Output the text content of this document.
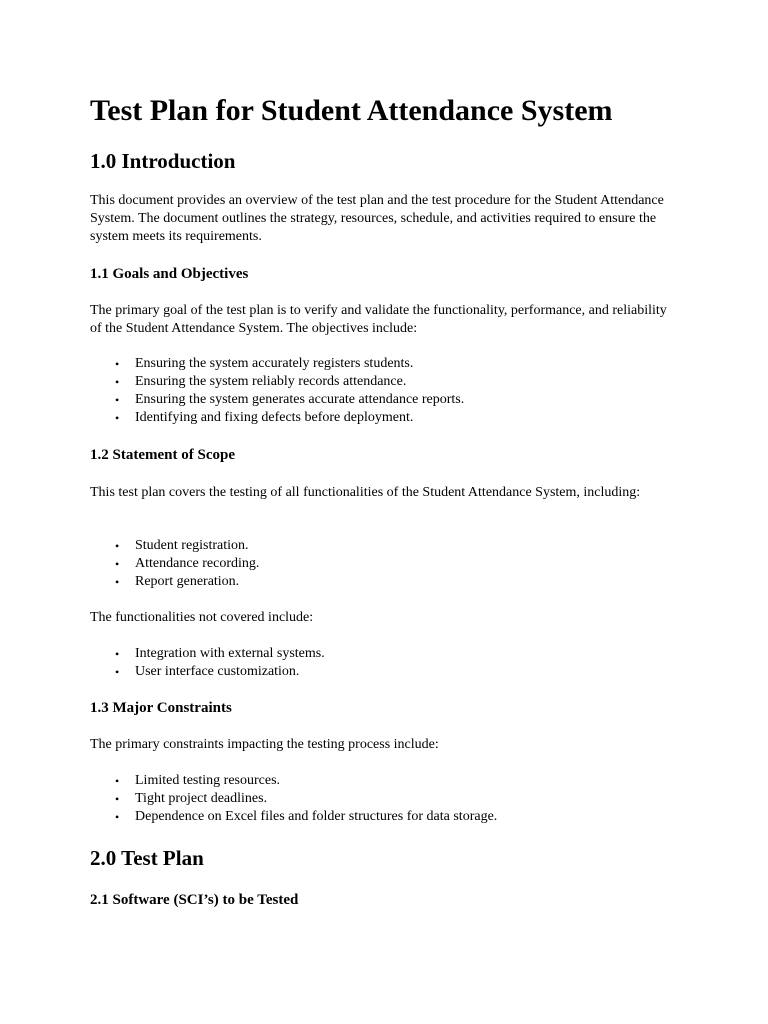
Test Plan for Student Attendance System
1.0 Introduction

This document provides an overview of the test plan and the test procedure for the Student Attendance System. The document outlines the strategy, resources, schedule, and activities required to ensure the system meets its requirements.

1.1 Goals and Objectives

The primary goal of the test plan is to verify and validate the functionality, performance, and reliability of the Student Attendance System. The objectives include:

• Ensuring the system accurately registers students.
• Ensuring the system reliably records attendance.
• Ensuring the system generates accurate attendance reports.
• Identifying and fixing defects before deployment.
1.2 Statement of Scope

This test plan covers the testing of all functionalities of the Student Attendance System, including:

• Student registration.
• Attendance recording.
• Report generation.

The functionalities not covered include:

• Integration with external systems.
• User interface customization.
1.3 Major Constraints

The primary constraints impacting the testing process include:

• Limited testing resources.
• Tight project deadlines.
• Dependence on Excel files and folder structures for data storage.
2.0 Test Plan
2.1 Software (SCI’s) to be Tested
